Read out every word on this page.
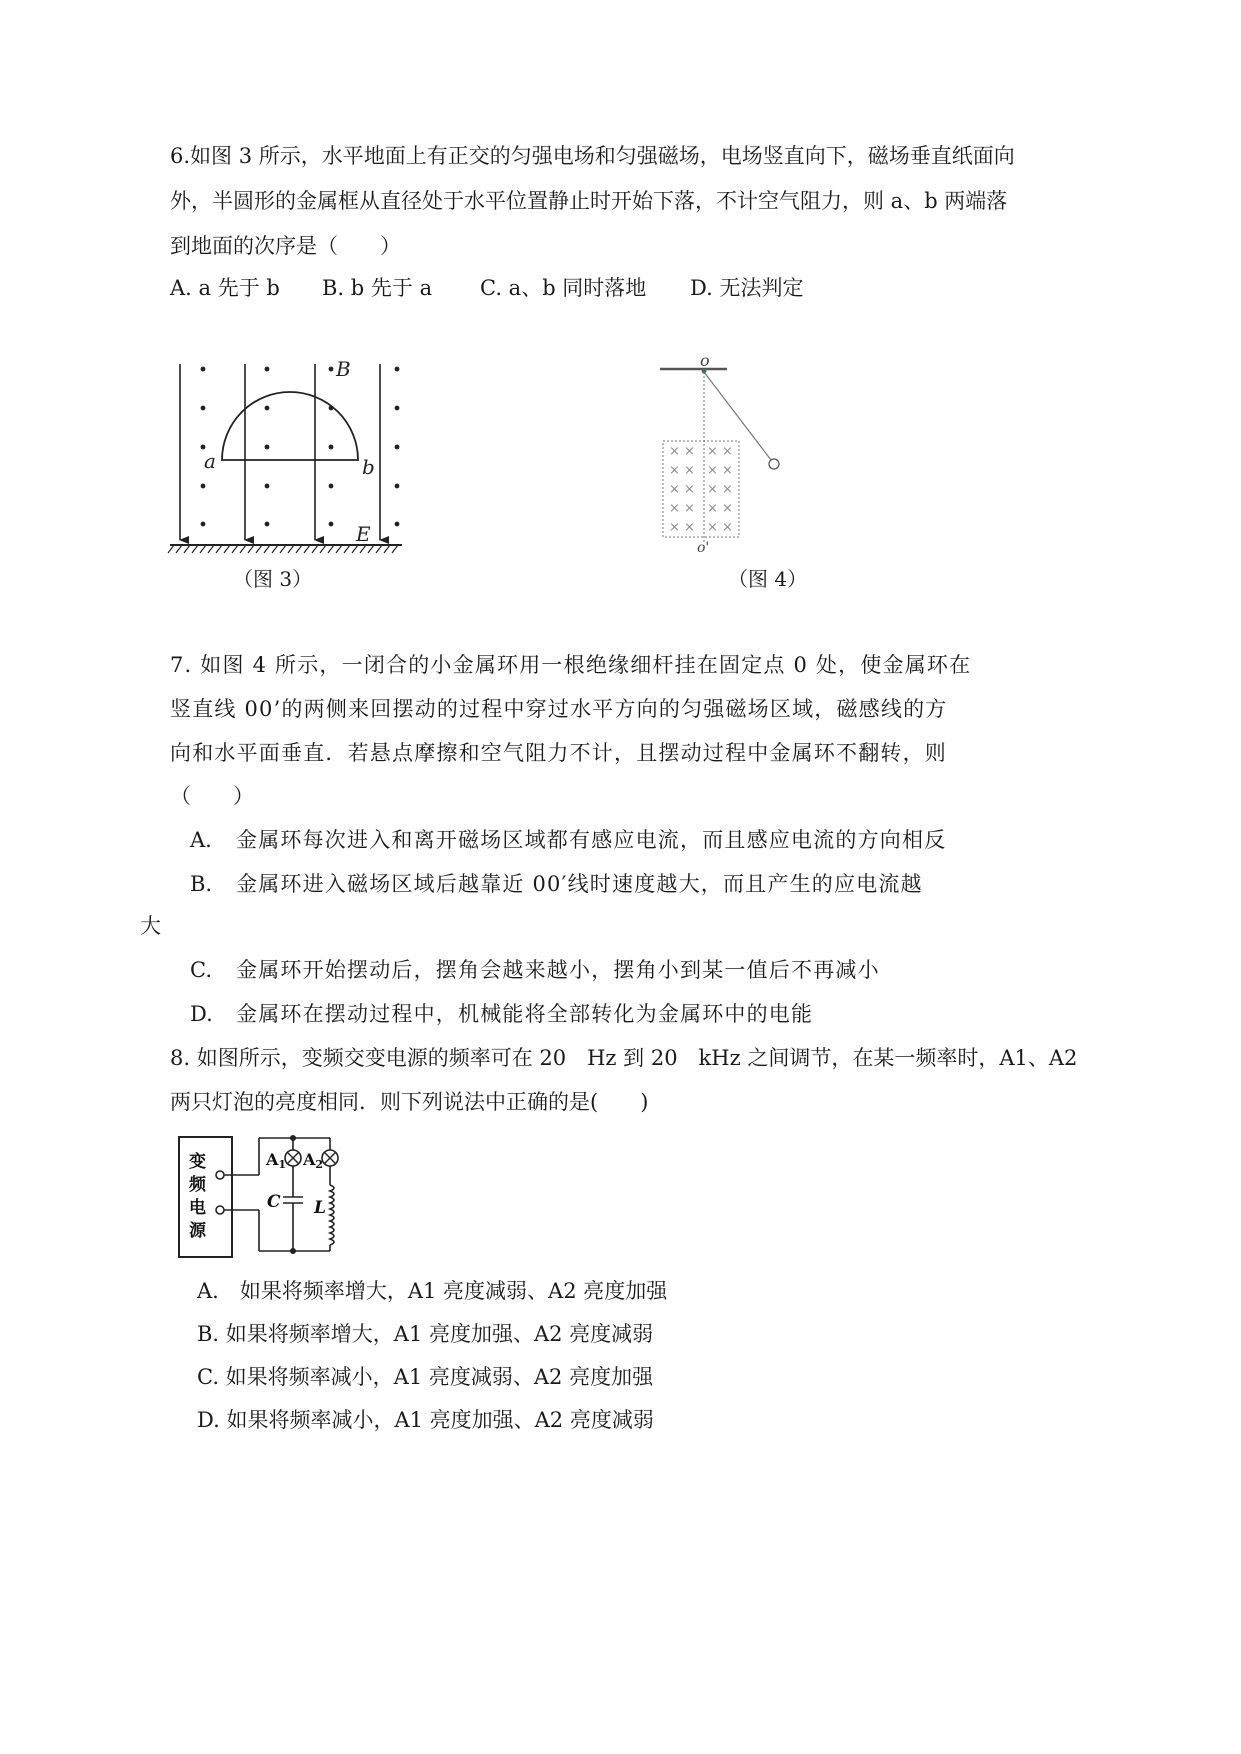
6.如图 3 所示，水平地面上有正交的匀强电场和匀强磁场，电场竖直向下，磁场垂直纸面向
外，半圆形的金属框从直径处于水平位置静止时开始下落，不计空气阻力，则 a、b 两端落
到地面的次序是（　　）
A. a 先于 b B. b 先于 a C. a、b 同时落地 D. 无法判定
B
a	b
E
（图 3）
× × × ×
× × × ×
× × × ×
× × × ×
× × × ×
o
o'
（图 4）
7. 如图 4 所示，一闭合的小金属环用一根绝缘细杆挂在固定点 0 处，使金属环在
竖直线 00’的两侧来回摆动的过程中穿过水平方向的匀强磁场区域，磁感线的方
向和水平面垂直．若悬点摩擦和空气阻力不计，且摆动过程中金属环不翻转，则
（　　）
A. 金属环每次进入和离开磁场区域都有感应电流，而且感应电流的方向相反
B. 金属环进入磁场区域后越靠近 00′线时速度越大，而且产生的应电流越
大
C. 金属环开始摆动后，摆角会越来越小，摆角小到某一值后不再减小
D. 金属环在摆动过程中，机械能将全部转化为金属环中的电能
8. 如图所示，变频交变电源的频率可在 20　Hz 到 20　kHz 之间调节，在某一频率时，A1、A2
两只灯泡的亮度相同．则下列说法中正确的是(　　)
变
频
电
源
A1 A2
C L
A.　如果将频率增大，A1 亮度减弱、A2 亮度加强
B. 如果将频率增大，A1 亮度加强、A2 亮度减弱
C. 如果将频率减小，A1 亮度减弱、A2 亮度加强
D. 如果将频率减小，A1 亮度加强、A2 亮度减弱
